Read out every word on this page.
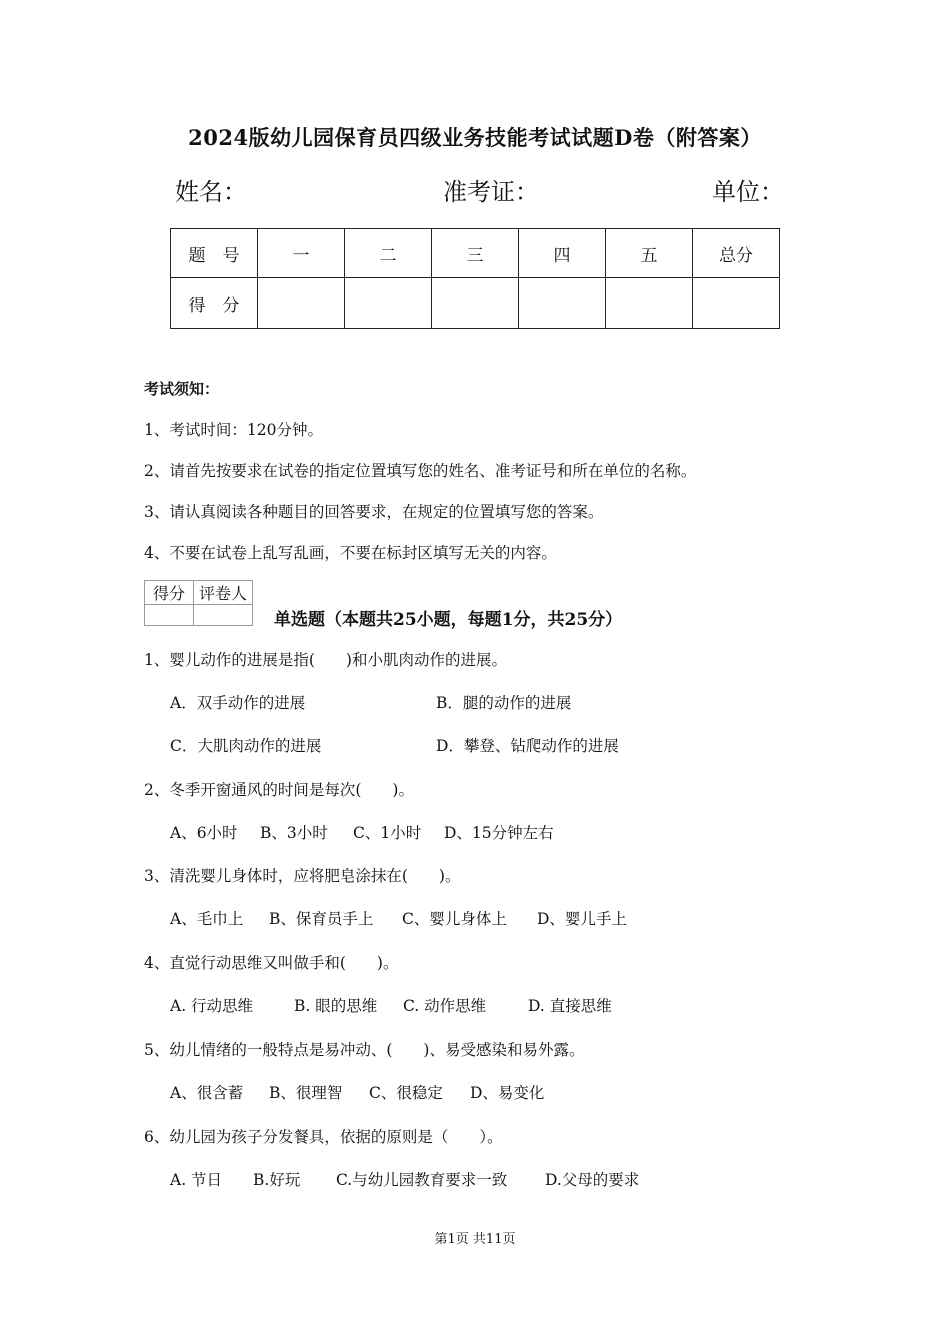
2024版幼儿园保育员四级业务技能考试试题D卷（附答案）
姓名：	准考证：	单位：
题　号	一	二	三	四	五	总分
得　分						
考试须知：
1、考试时间：120分钟。
2、请首先按要求在试卷的指定位置填写您的姓名、准考证号和所在单位的名称。
3、请认真阅读各种题目的回答要求，在规定的位置填写您的答案。
4、不要在试卷上乱写乱画，不要在标封区填写无关的内容。
得分	评卷人

单选题（本题共25小题，每题1分，共25分）
1、婴儿动作的进展是指(　　)和小肌肉动作的进展。
A．双手动作的进展	B．腿的动作的进展
C．大肌肉动作的进展	D．攀登、钻爬动作的进展
2、冬季开窗通风的时间是每次(　　)。
A、6小时 B、3小时 C、1小时 D、15分钟左右
3、清洗婴儿身体时，应将肥皂涂抹在(　　)。
A、毛巾上 B、保育员手上 C、婴儿身体上 D、婴儿手上
4、直觉行动思维又叫做手和(　　)。
A. 行动思维	B. 眼的思维 C. 动作思维	D. 直接思维
5、幼儿情绪的一般特点是易冲动、(　　)、易受感染和易外露。
A、很含蓄 B、很理智 C、很稳定 D、易变化
6、幼儿园为孩子分发餐具，依据的原则是（　　）。
A. 节日 B.好玩 C.与幼儿园教育要求一致 D.父母的要求
第1页 共11页
